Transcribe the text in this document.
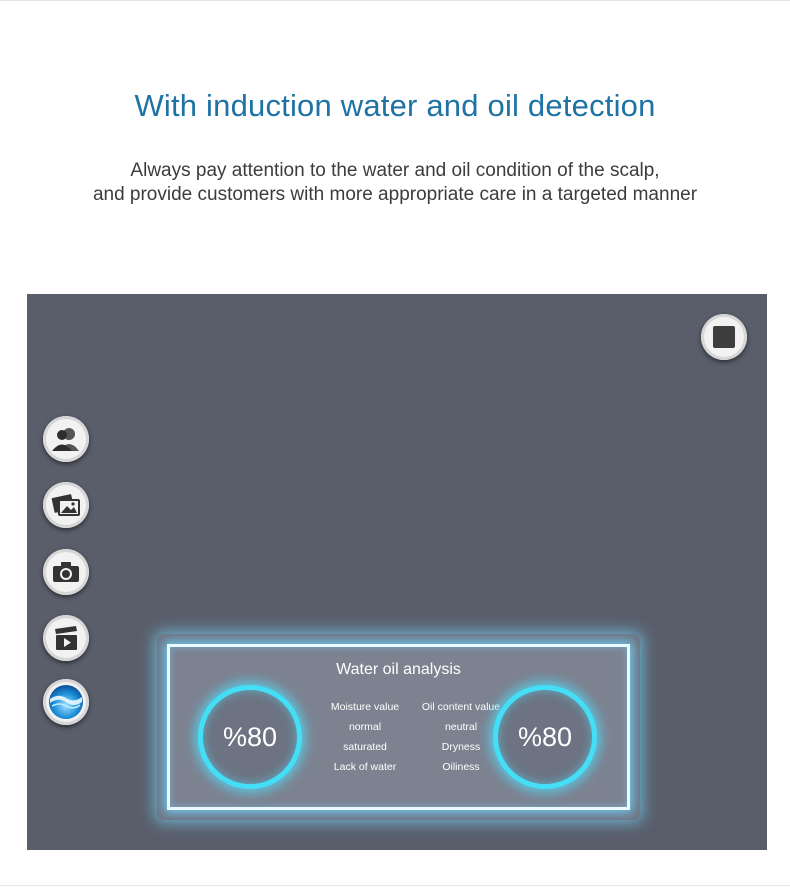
With induction water and oil detection
Always pay attention to the water and oil condition of the scalp,
and provide customers with more appropriate care in a targeted manner
Water oil analysis
%80
Moisture value
normal
saturated
Lack of water
Oil content value
neutral
Dryness
Oiliness
%80
